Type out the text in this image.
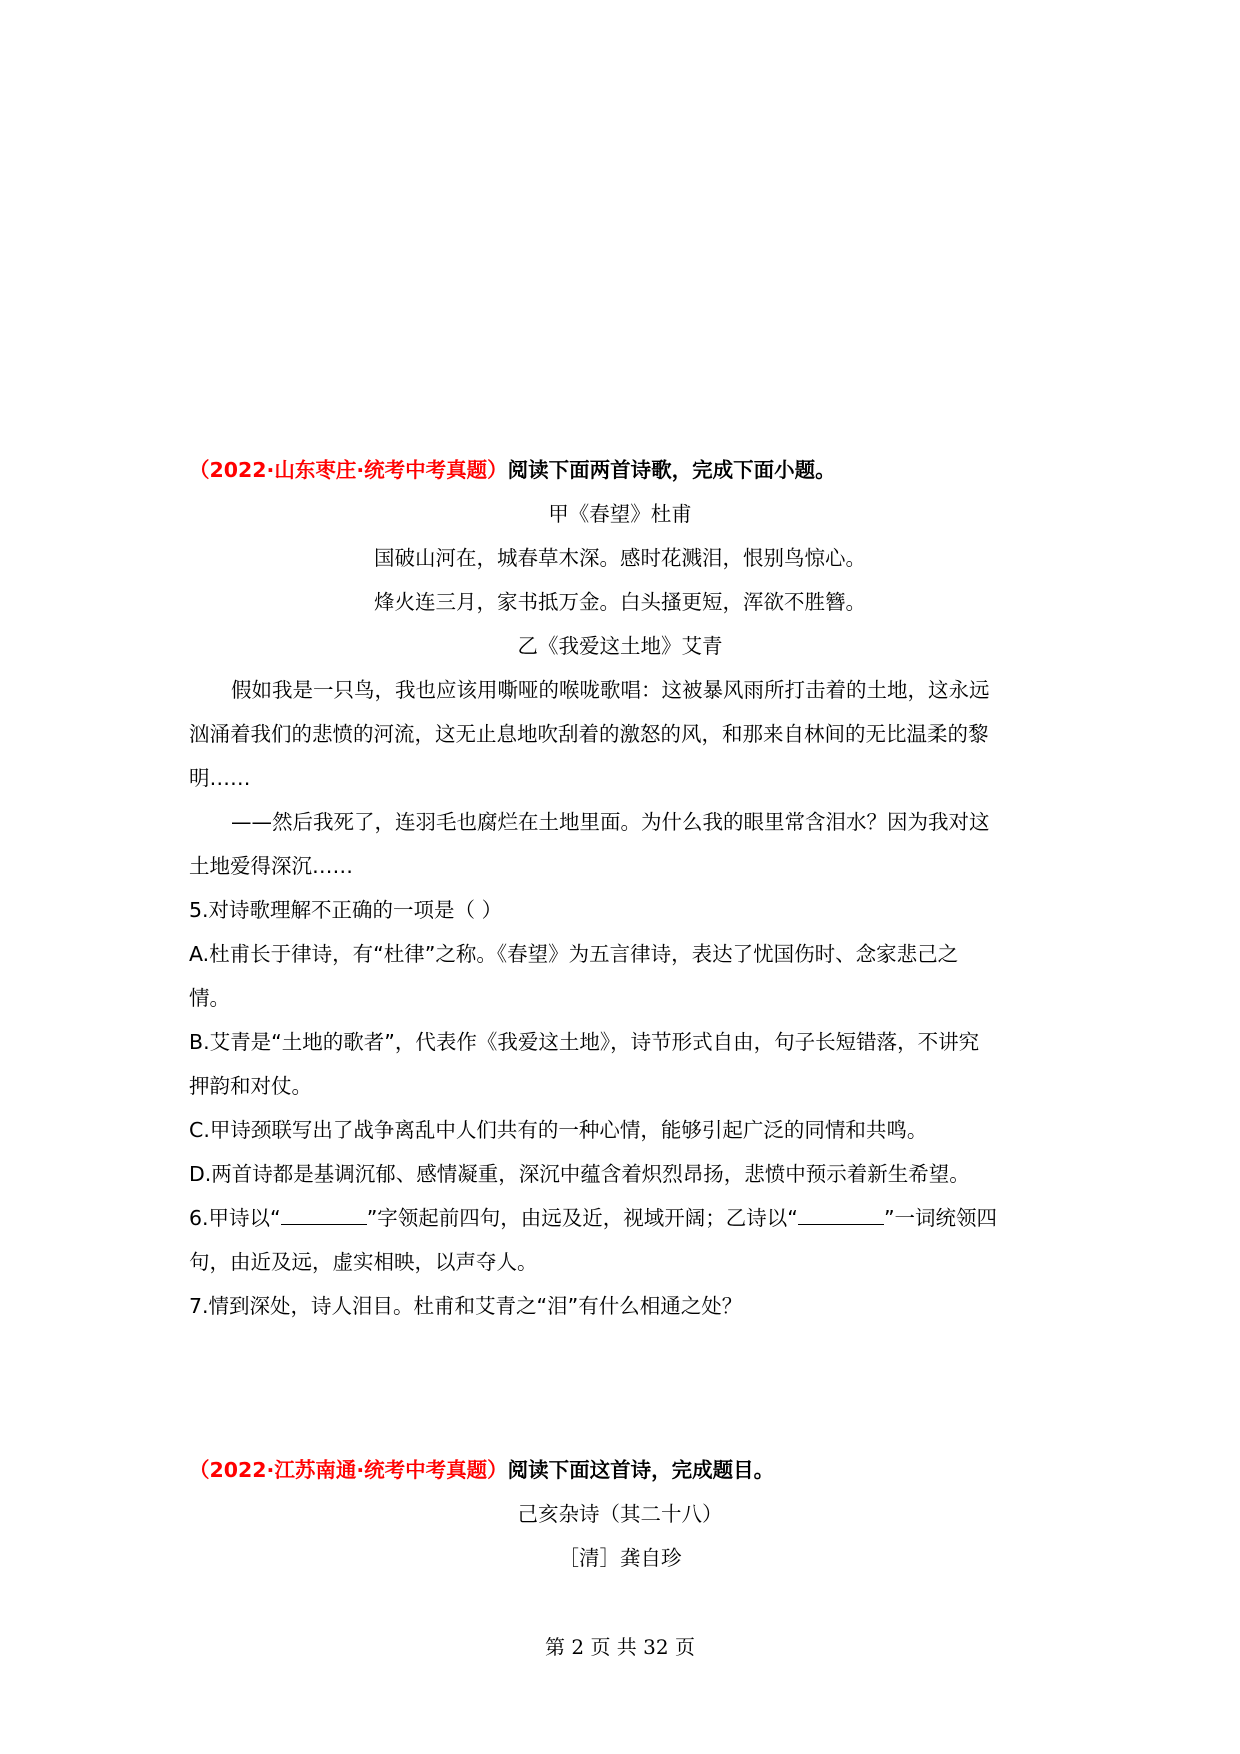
（2022·山东枣庄·统考中考真题）阅读下面两首诗歌，完成下面小题。
甲《春望》杜甫
国破山河在，城春草木深。感时花溅泪，恨别鸟惊心。
烽火连三月，家书抵万金。白头搔更短，浑欲不胜簪。
乙《我爱这土地》艾青
假如我是一只鸟，我也应该用嘶哑的喉咙歌唱：这被暴风雨所打击着的土地，这永远
汹涌着我们的悲愤的河流，这无止息地吹刮着的激怒的风，和那来自林间的无比温柔的黎
明……
——然后我死了，连羽毛也腐烂在土地里面。为什么我的眼里常含泪水？因为我对这
土地爱得深沉……
5.对诗歌理解不正确的一项是（ ）
A.杜甫长于律诗，有“杜律”之称。《春望》为五言律诗，表达了忧国伤时、念家悲己之
情。
B.艾青是“土地的歌者”，代表作《我爱这土地》，诗节形式自由，句子长短错落，不讲究
押韵和对仗。
C.甲诗颈联写出了战争离乱中人们共有的一种心情，能够引起广泛的同情和共鸣。
D.两首诗都是基调沉郁、感情凝重，深沉中蕴含着炽烈昂扬，悲愤中预示着新生希望。
6.甲诗以“	”字领起前四句，由远及近，视域开阔；乙诗以“	”一词统领四
句，由近及远，虚实相映，以声夺人。
7.情到深处，诗人泪目。杜甫和艾青之“泪”有什么相通之处？
（2022·江苏南通·统考中考真题）阅读下面这首诗，完成题目。
己亥杂诗（其二十八）
［清］龚自珍
第 2 页 共 32 页
